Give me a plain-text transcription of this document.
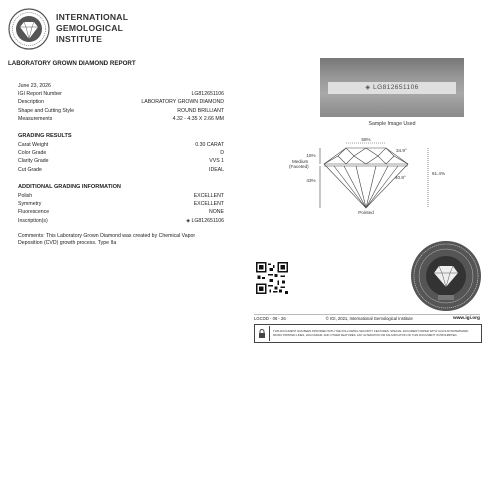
IGI
INTERNATIONAL
GEMOLOGICAL
INSTITUTE
LABORATORY GROWN DIAMOND REPORT
June 23, 2026
IGI Report Number	LG812651106
Description	LABORATORY GROWN DIAMOND
Shape and Cutting Style	ROUND BRILLIANT
Measurements	4.32 - 4.35 X 2.66 MM
GRADING RESULTS
Carat Weight	0.30 CARAT
Color Grade	D
Clarity Grade	VVS 1
Cut Grade	IDEAL
ADDITIONAL GRADING INFORMATION
Polish	EXCELLENT
Symmetry	EXCELLENT
Fluorescence	NONE
Inscription(s)	◈ LG812651106
Comments: This Laboratory Grown Diamond was created by Chemical Vapor Deposition (CVD) growth process. Type IIa
◈ LG812651106
Sample Image Used
58%
34.9°
15%
43%
40.8°
61.4%
Medium (Faceted)
Pointed
LGCOD - 06 - 26	© IGI, 2021, International Gemological Institute	www.igi.org
THIS DOCUMENT HAS BEEN PROVIDED WITH THE FOLLOWING SECURITY FEATURES: SPECIAL DOCUMENT PAPER WITH COLOUR WATERMARK, MICRO PRINTED LINES, HOLOGRAM, AND OTHER FEATURES. ANY ALTERATION OR FALSIFICATION OF THIS DOCUMENT IS PROHIBITED.
